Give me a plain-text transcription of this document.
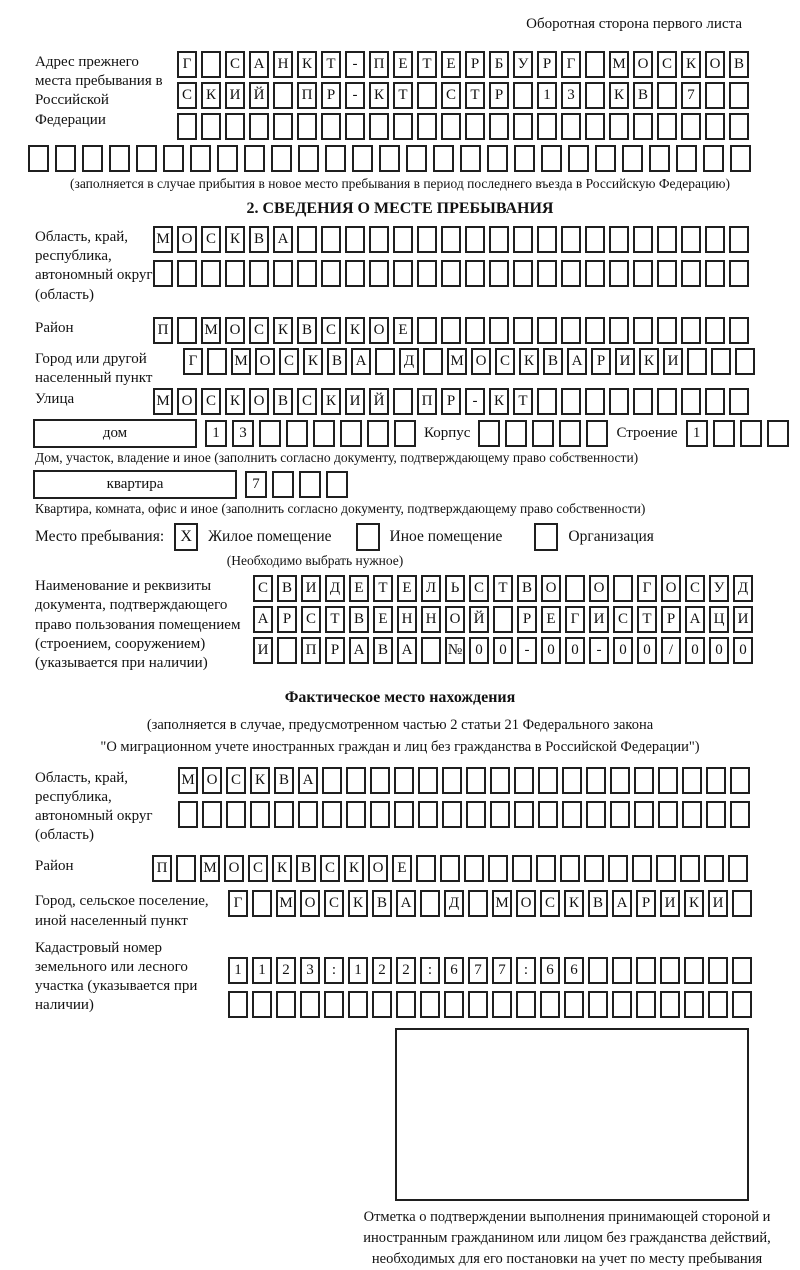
Оборотная сторона первого листа
Адрес прежнего места пребывания в Российской Федерации
Г	С А Н К Т	-	П Е Т Е	Р	Б У Р	Г	М О С К О В
С К И Й	П Р	-	К Т	С Т	Р	1	3	К В	7
(заполняется в случае прибытия в новое место пребывания в период последнего въезда в Российскую Федерацию)
2. СВЕДЕНИЯ О МЕСТЕ ПРЕБЫВАНИЯ
Область, край, республика, автономный округ (область)
М О С К В А
Район	П	М О С К В С К О Е
Город или другой населенный пункт
Г	М О С К В А	Д	М О С К В А Р И К И
Улица	М О С К О В С К И Й	П Р	-	К Т
дом	1	3	Корпус	Строение	1
Дом, участок, владение и иное (заполнить согласно документу, подтверждающему право собственности)
квартира	7
Квартира, комната, офис и иное (заполнить согласно документу, подтверждающему право собственности)
Место пребывания:	X	Жилое помещение	Иное помещение	Организация
(Необходимо выбрать нужное)
Наименование и реквизиты документа, подтверждающего право пользования помещением (строением, сооружением) (указывается при наличии)
С В И Д Е Т Е Л Ь С Т В О	О	Г О С У Д
А Р С Т В Е Н Н О Й	Р	Е	Г И С Т	Р А Ц И
И	П Р А В А	№ 0	0	-	0	0	-	0	0	/	0	0	0
Фактическое место нахождения
(заполняется в случае, предусмотренном частью 2 статьи 21 Федерального закона
"О миграционном учете иностранных граждан и лиц без гражданства в Российской Федерации")
Область, край, республика, автономный округ (область)
М О С К В А
Район	П	М О С К В С К О Е
Город, сельское поселение, иной населенный пункт
Г	М О С К В А	Д	М О С К В А Р И К И
Кадастровый номер земельного или лесного участка (указывается при наличии)
1	1	2	3	:	1	2	2	:	6	7	7	:	6	6
Отметка о подтверждении выполнения принимающей стороной и иностранным гражданином или лицом без гражданства действий, необходимых для его постановки на учет по месту пребывания
